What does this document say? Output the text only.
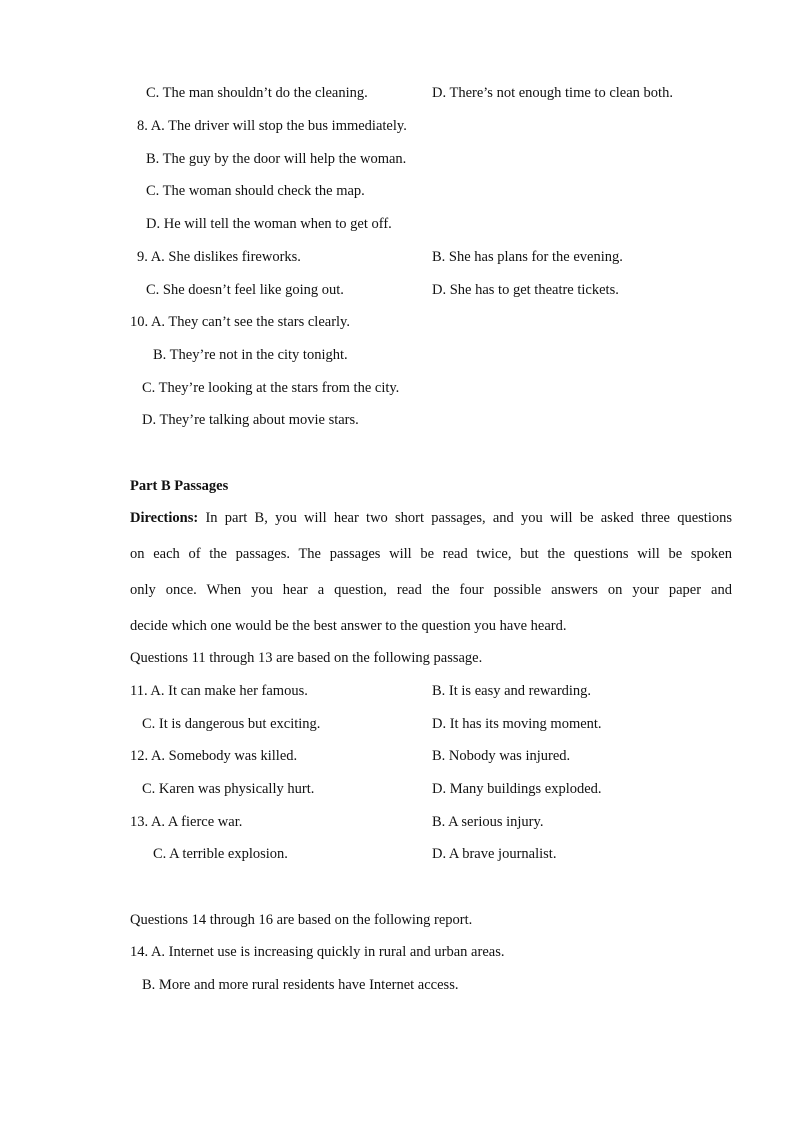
C. The man shouldn’t do the cleaning.	D. There’s not enough time to clean both.
8. A. The driver will stop the bus immediately.
B. The guy by the door will help the woman.
C. The woman should check the map.
D. He will tell the woman when to get off.
9. A. She dislikes fireworks.	B. She has plans for the evening.
C. She doesn’t feel like going out.	D. She has to get theatre tickets.
10. A. They can’t see the stars clearly.
B. They’re not in the city tonight.
C. They’re looking at the stars from the city.
D. They’re talking about movie stars.
Part B Passages
Directions: In part B, you will hear two short passages, and you will be asked three questions
on each of the passages. The passages will be read twice, but the questions will be spoken
only once. When you hear a question, read the four possible answers on your paper and
decide which one would be the best answer to the question you have heard.
Questions 11 through 13 are based on the following passage.
11. A. It can make her famous.	B. It is easy and rewarding.
C. It is dangerous but exciting.	D. It has its moving moment.
12. A. Somebody was killed.	B. Nobody was injured.
C. Karen was physically hurt.	D. Many buildings exploded.
13. A. A fierce war.	B. A serious injury.
C. A terrible explosion.	D. A brave journalist.
Questions 14 through 16 are based on the following report.
14. A. Internet use is increasing quickly in rural and urban areas.
B. More and more rural residents have Internet access.
